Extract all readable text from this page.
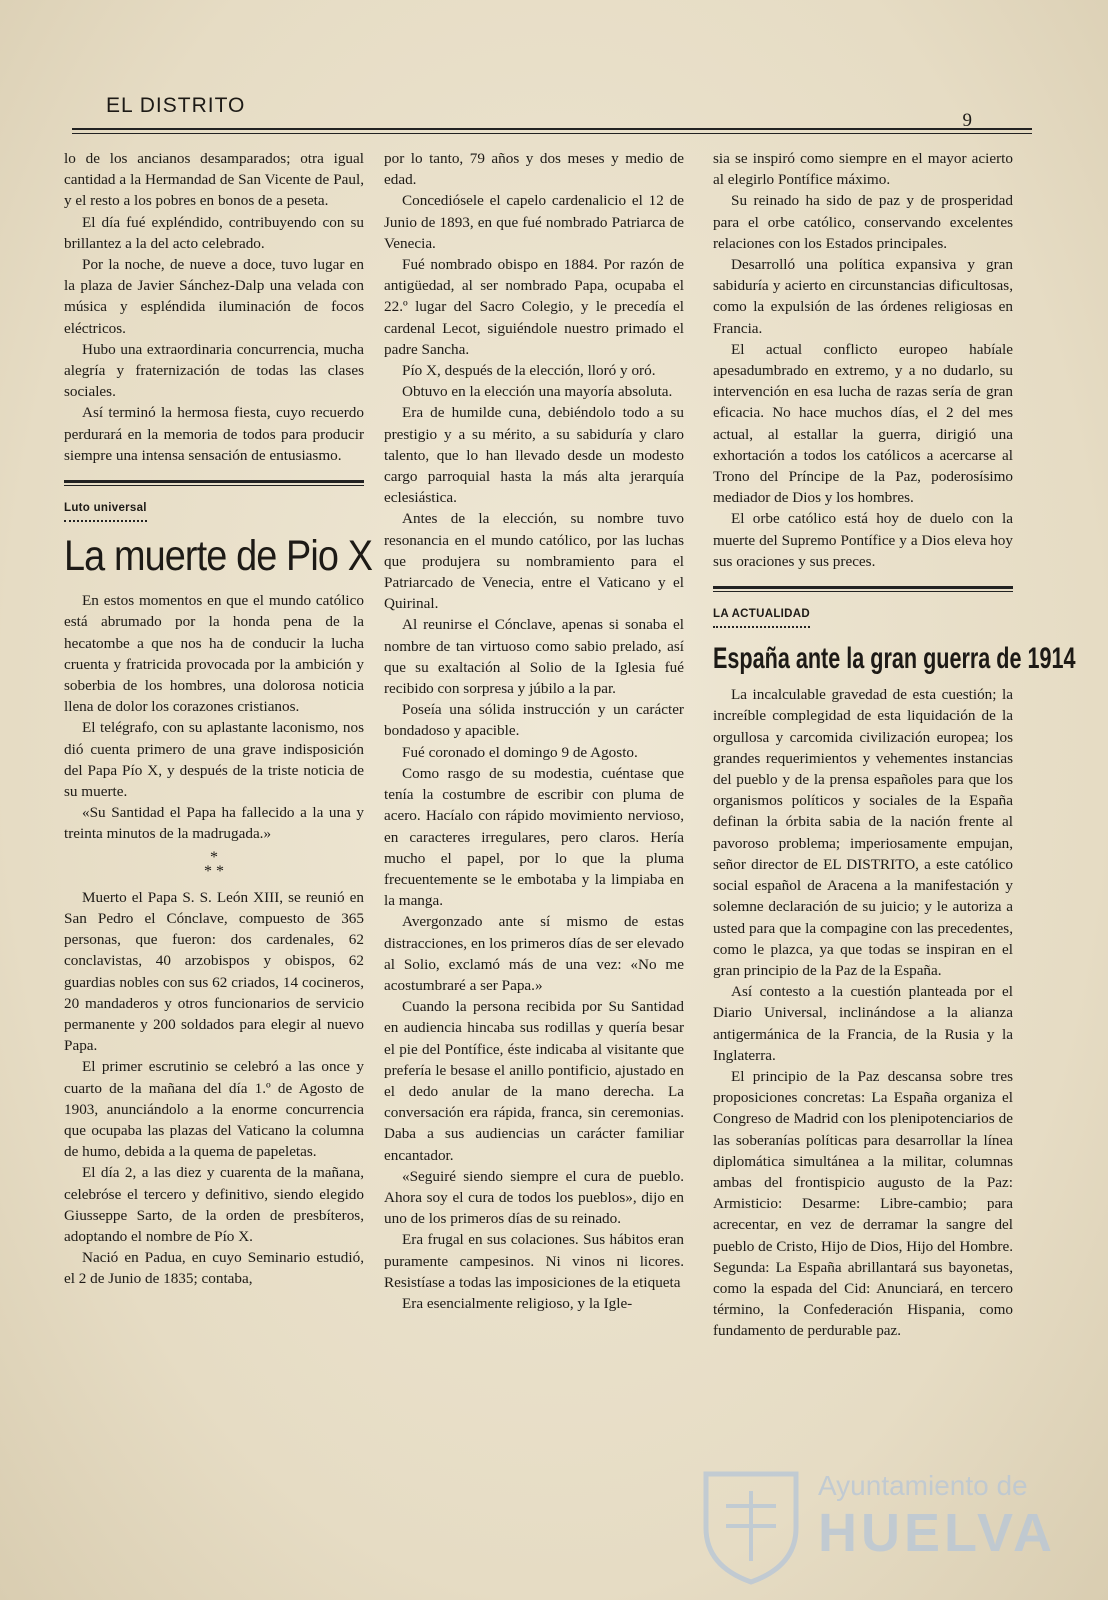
EL DISTRITO
9

lo de los ancianos desamparados; otra igual cantidad a la Hermandad de San Vicente de Paul, y el resto a los pobres en bonos de a peseta.

El día fué expléndido, contribuyendo con su brillantez a la del acto celebrado.

Por la noche, de nueve a doce, tuvo lugar en la plaza de Javier Sánchez-Dalp una velada con música y espléndida iluminación de focos eléctricos.

Hubo una extraordinaria concurrencia, mucha alegría y fraternización de todas las clases sociales.

Así terminó la hermosa fiesta, cuyo recuerdo perdurará en la memoria de todos para producir siempre una intensa sensación de entusiasmo.

Luto universal
La muerte de Pio X

En estos momentos en que el mundo católico está abrumado por la honda pena de la hecatombe a que nos ha de conducir la lucha cruenta y fratricida provocada por la ambición y soberbia de los hombres, una dolorosa noticia llena de dolor los corazones cristianos.

El telégrafo, con su aplastante laconismo, nos dió cuenta primero de una grave indisposición del Papa Pío X, y después de la triste noticia de su muerte.

«Su Santidad el Papa ha fallecido a la una y treinta minutos de la madrugada.»

*
* *

Muerto el Papa S. S. León XIII, se reunió en San Pedro el Cónclave, compuesto de 365 personas, que fueron: dos cardenales, 62 conclavistas, 40 arzobispos y obispos, 62 guardias nobles con sus 62 criados, 14 cocineros, 20 mandaderos y otros funcionarios de servicio permanente y 200 soldados para elegir al nuevo Papa.

El primer escrutinio se celebró a las once y cuarto de la mañana del día 1.º de Agosto de 1903, anunciándolo a la enorme concurrencia que ocupaba las plazas del Vaticano la columna de humo, debida a la quema de papeletas.

El día 2, a las diez y cuarenta de la mañana, celebróse el tercero y definitivo, siendo elegido Giusseppe Sarto, de la orden de presbíteros, adoptando el nombre de Pío X.

Nació en Padua, en cuyo Seminario estudió, el 2 de Junio de 1835; contaba,

por lo tanto, 79 años y dos meses y medio de edad.

Concediósele el capelo cardenalicio el 12 de Junio de 1893, en que fué nombrado Patriarca de Venecia.

Fué nombrado obispo en 1884. Por razón de antigüedad, al ser nombrado Papa, ocupaba el 22.º lugar del Sacro Colegio, y le precedía el cardenal Lecot, siguiéndole nuestro primado el padre Sancha.

Pío X, después de la elección, lloró y oró.

Obtuvo en la elección una mayoría absoluta.

Era de humilde cuna, debiéndolo todo a su prestigio y a su mérito, a su sabiduría y claro talento, que lo han llevado desde un modesto cargo parroquial hasta la más alta jerarquía eclesiástica.

Antes de la elección, su nombre tuvo resonancia en el mundo católico, por las luchas que produjera su nombramiento para el Patriarcado de Venecia, entre el Vaticano y el Quirinal.

Al reunirse el Cónclave, apenas si sonaba el nombre de tan virtuoso como sabio prelado, así que su exaltación al Solio de la Iglesia fué recibido con sorpresa y júbilo a la par.

Poseía una sólida instrucción y un carácter bondadoso y apacible.

Fué coronado el domingo 9 de Agosto.

Como rasgo de su modestia, cuéntase que tenía la costumbre de escribir con pluma de acero. Hacíalo con rápido movimiento nervioso, en caracteres irregulares, pero claros. Hería mucho el papel, por lo que la pluma frecuentemente se le embotaba y la limpiaba en la manga.

Avergonzado ante sí mismo de estas distracciones, en los primeros días de ser elevado al Solio, exclamó más de una vez: «No me acostumbraré a ser Papa.»

Cuando la persona recibida por Su Santidad en audiencia hincaba sus rodillas y quería besar el pie del Pontífice, éste indicaba al visitante que prefería le besase el anillo pontificio, ajustado en el dedo anular de la mano derecha. La conversación era rápida, franca, sin ceremonias. Daba a sus audiencias un carácter familiar encantador.

«Seguiré siendo siempre el cura de pueblo. Ahora soy el cura de todos los pueblos», dijo en uno de los primeros días de su reinado.

Era frugal en sus colaciones. Sus hábitos eran puramente campesinos. Ni vinos ni licores. Resistíase a todas las imposiciones de la etiqueta

Era esencialmente religioso, y la Igle-

sia se inspiró como siempre en el mayor acierto al elegirlo Pontífice máximo.

Su reinado ha sido de paz y de prosperidad para el orbe católico, conservando excelentes relaciones con los Estados principales.

Desarrolló una política expansiva y gran sabiduría y acierto en circunstancias dificultosas, como la expulsión de las órdenes religiosas en Francia.

El actual conflicto europeo habíale apesadumbrado en extremo, y a no dudarlo, su intervención en esa lucha de razas sería de gran eficacia. No hace muchos días, el 2 del mes actual, al estallar la guerra, dirigió una exhortación a todos los católicos a acercarse al Trono del Príncipe de la Paz, poderosísimo mediador de Dios y los hombres.

El orbe católico está hoy de duelo con la muerte del Supremo Pontífice y a Dios eleva hoy sus oraciones y sus preces.

LA ACTUALIDAD
España ante la gran guerra de 1914

La incalculable gravedad de esta cuestión; la increíble complegidad de esta liquidación de la orgullosa y carcomida civilización europea; los grandes requerimientos y vehementes instancias del pueblo y de la prensa españoles para que los organismos políticos y sociales de la España definan la órbita sabia de la nación frente al pavoroso problema; imperiosamente empujan, señor director de EL DISTRITO, a este católico social español de Aracena a la manifestación y solemne declaración de su juicio; y le autoriza a usted para que la compagine con las precedentes, como le plazca, ya que todas se inspiran en el gran principio de la Paz de la España.

Así contesto a la cuestión planteada por el Diario Universal, inclinándose a la alianza antigermánica de la Francia, de la Rusia y la Inglaterra.

El principio de la Paz descansa sobre tres proposiciones concretas: La España organiza el Congreso de Madrid con los plenipotenciarios de las soberanías políticas para desarrollar la línea diplomática simultánea a la militar, columnas ambas del frontispicio augusto de la Paz: Armisticio: Desarme: Libre-cambio; para acrecentar, en vez de derramar la sangre del pueblo de Cristo, Hijo de Dios, Hijo del Hombre. Segunda: La España abrillantará sus bayonetas, como la espada del Cid: Anunciará, en tercero término, la Confederación Hispania, como fundamento de perdurable paz.

Ayuntamiento de
HUELVA
